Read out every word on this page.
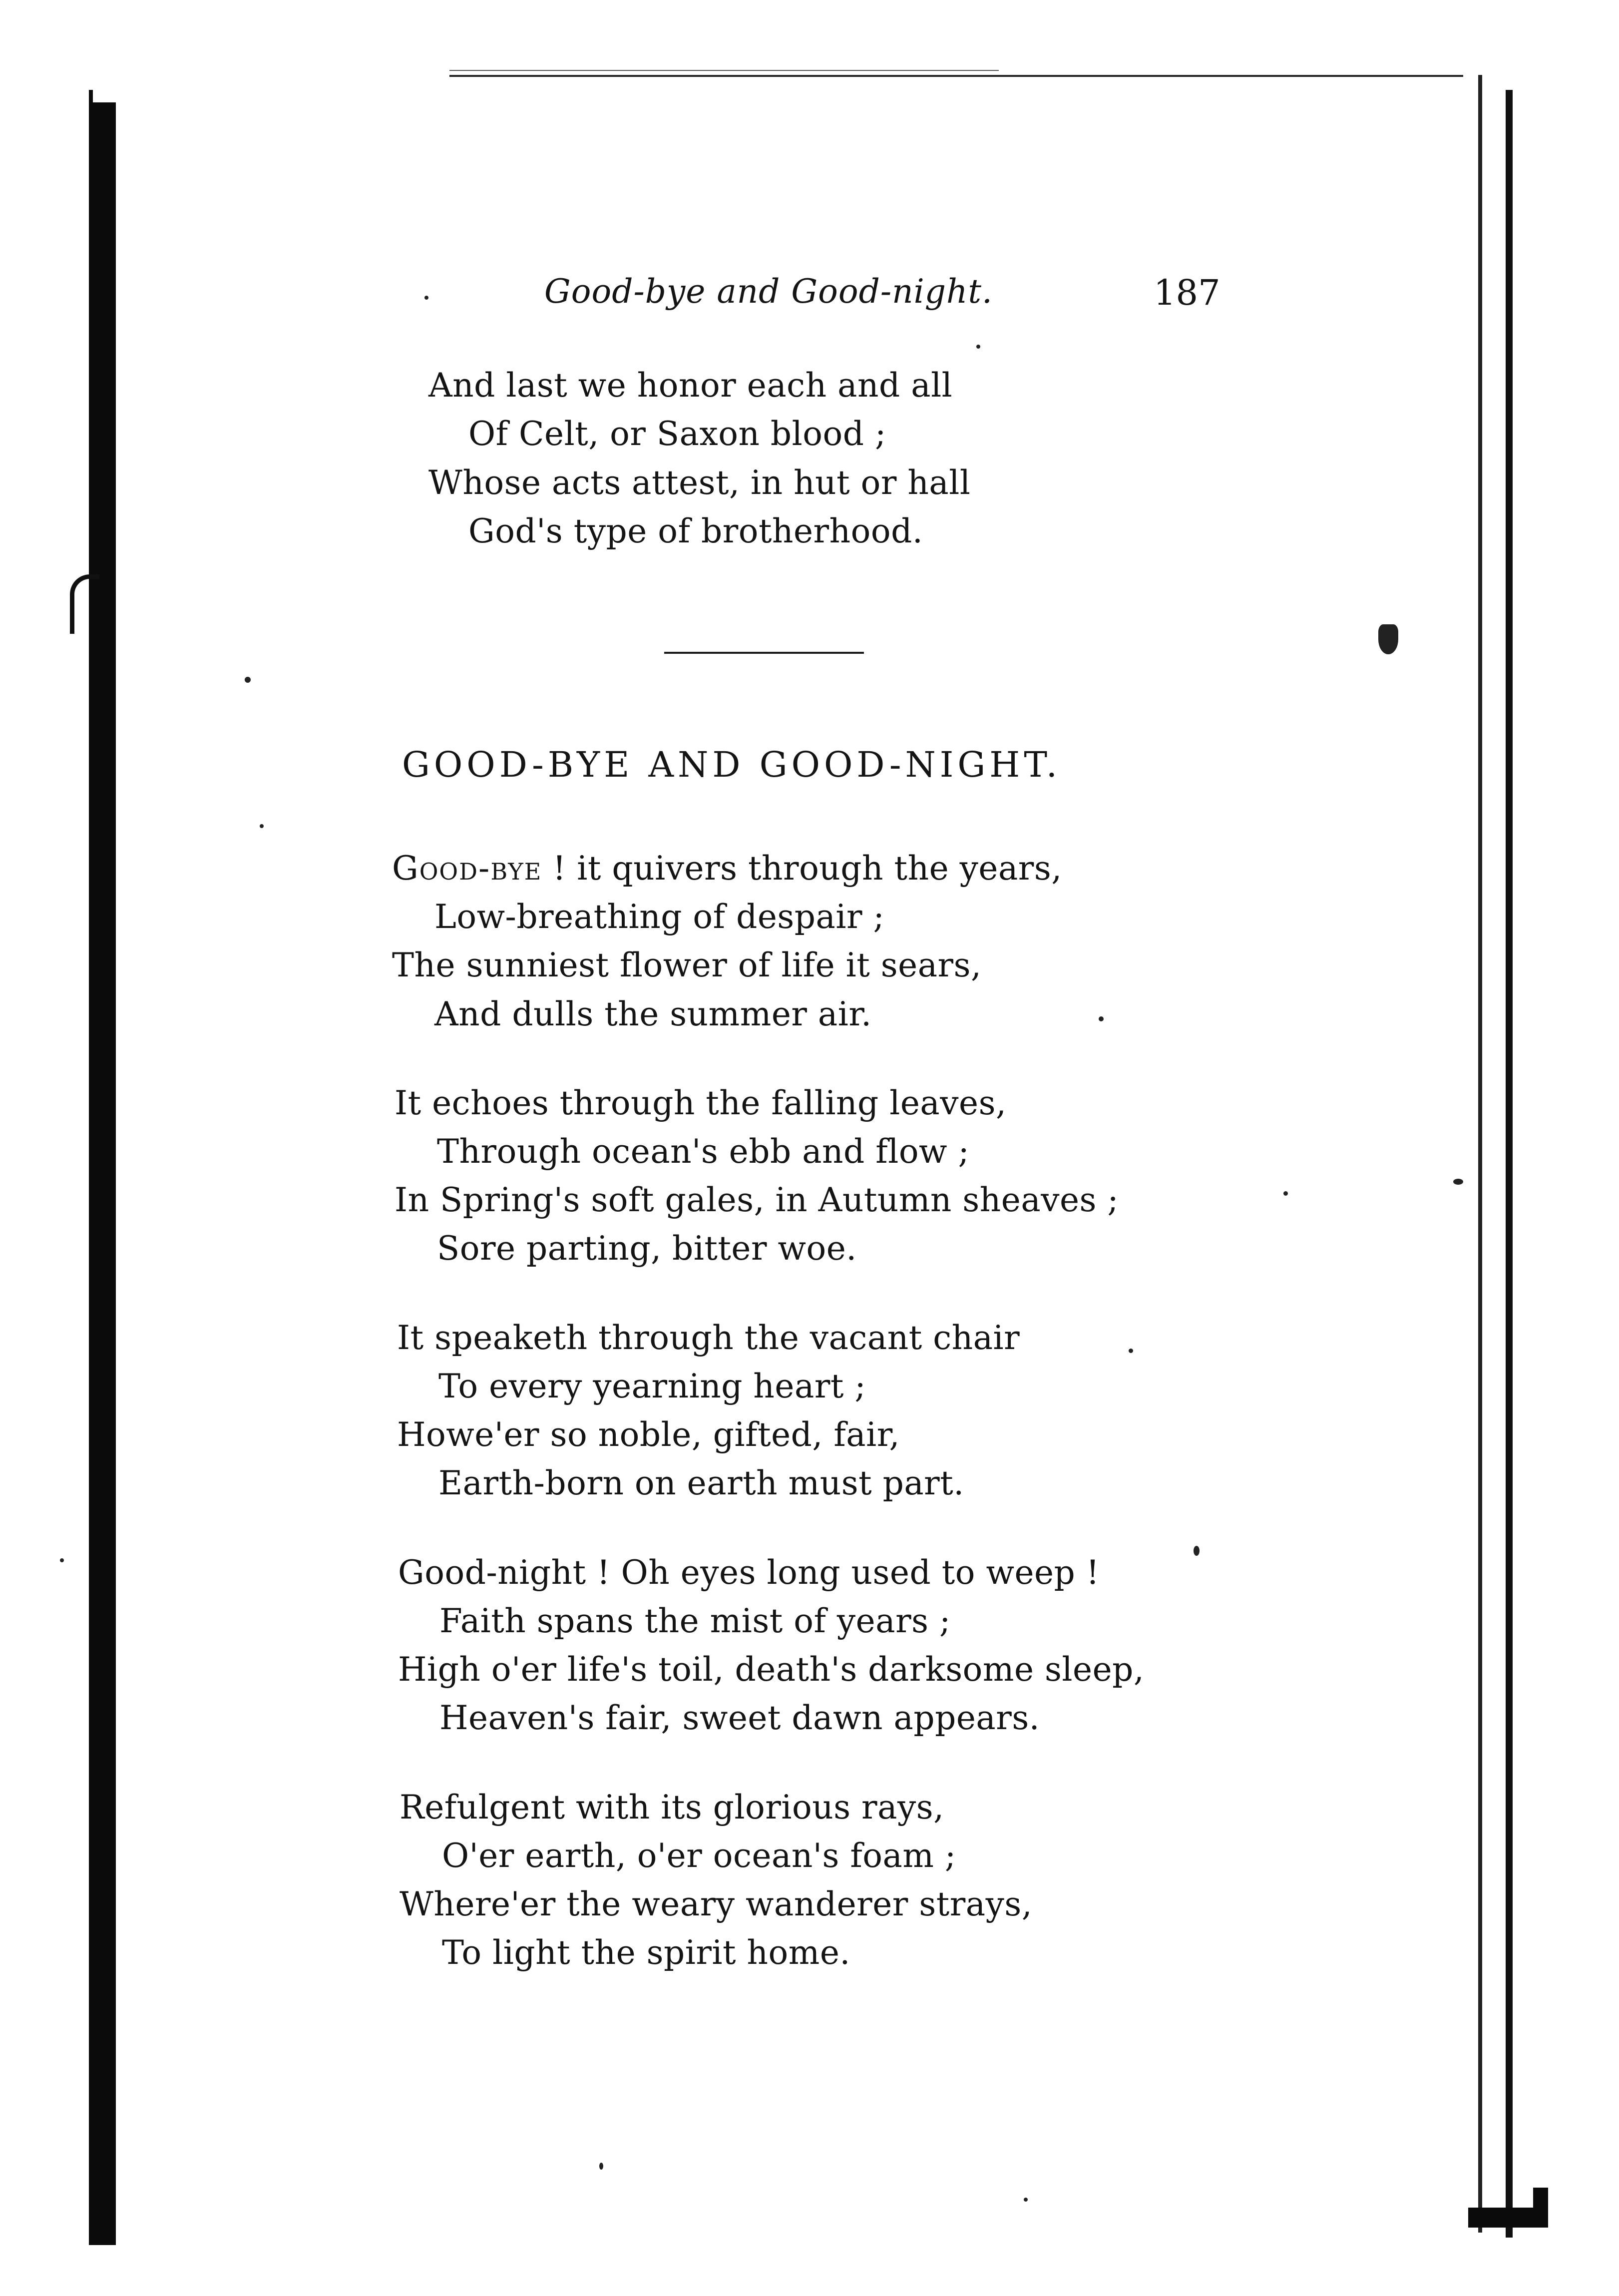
Good-bye and Good-night.	187
And last we honor each and all
Of Celt, or Saxon blood ;
Whose acts attest, in hut or hall
God's type of brotherhood.
GOOD-BYE AND GOOD-NIGHT.
Good-bye ! it quivers through the years,
Low-breathing of despair ;
The sunniest flower of life it sears,
And dulls the summer air.
It echoes through the falling leaves,
Through ocean's ebb and flow ;
In Spring's soft gales, in Autumn sheaves ;
Sore parting, bitter woe.
It speaketh through the vacant chair
To every yearning heart ;
Howe'er so noble, gifted, fair,
Earth-born on earth must part.
Good-night ! Oh eyes long used to weep !
Faith spans the mist of years ;
High o'er life's toil, death's darksome sleep,
Heaven's fair, sweet dawn appears.
Refulgent with its glorious rays,
O'er earth, o'er ocean's foam ;
Where'er the weary wanderer strays,
To light the spirit home.
